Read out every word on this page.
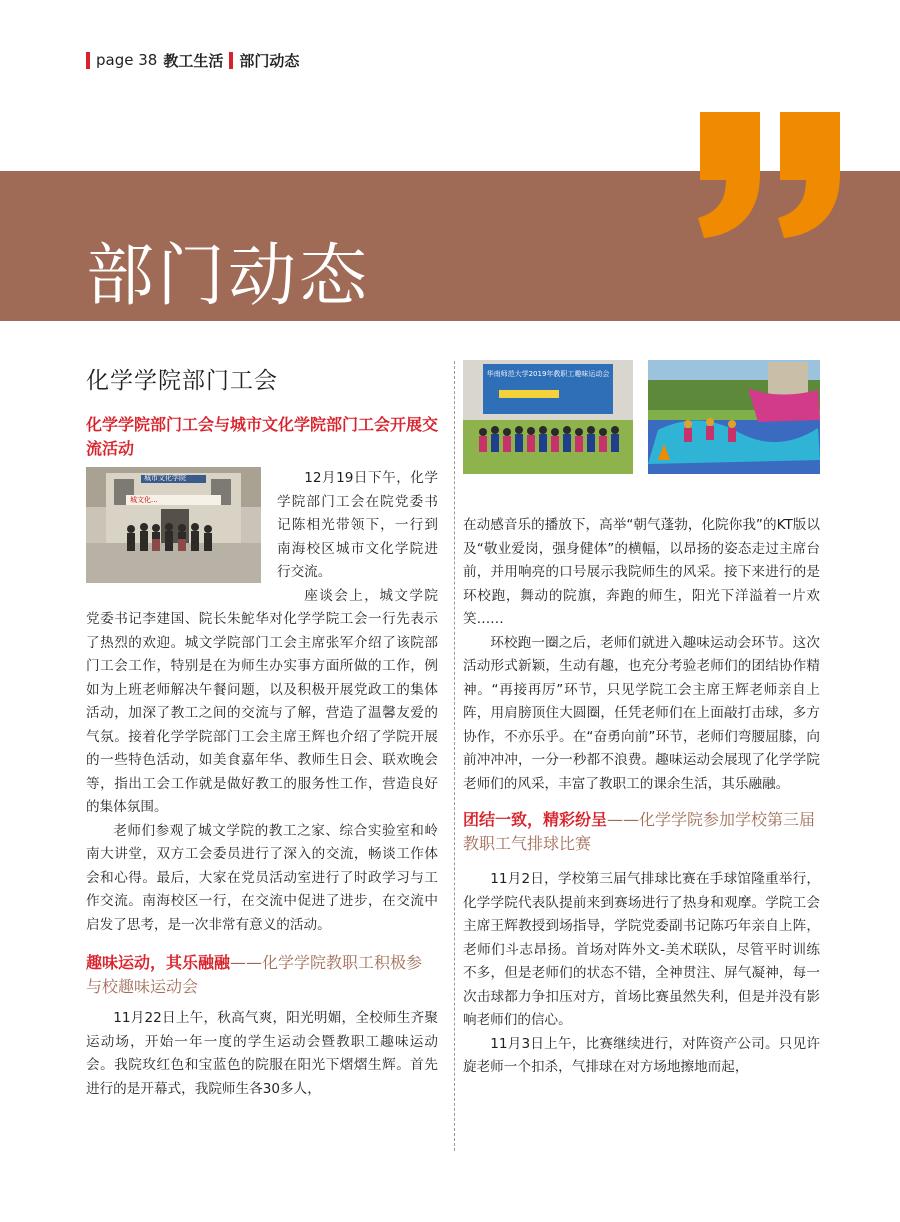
page 38 教工生活 部门动态
部门动态
化学学院部门工会
化学学院部门工会与城市文化学院部门工会开展交流活动
城市文化学院
城文化...

12月19日下午，化学学院部门工会在院党委书记陈相光带领下，一行到南海校区城市文化学院进行交流。

座谈会上，城文学院党委书记李建国、院长朱鮀华对化学学院工会一行先表示了热烈的欢迎。城文学院部门工会主席张军介绍了该院部门工会工作，特别是在为师生办实事方面所做的工作，例如为上班老师解决午餐问题，以及积极开展党政工的集体活动，加深了教工之间的交流与了解，营造了温馨友爱的气氛。接着化学学院部门工会主席王辉也介绍了学院开展的一些特色活动，如美食嘉年华、教师生日会、联欢晚会等，指出工会工作就是做好教工的服务性工作，营造良好的集体氛围。

老师们参观了城文学院的教工之家、综合实验室和岭南大讲堂，双方工会委员进行了深入的交流，畅谈工作体会和心得。最后，大家在党员活动室进行了时政学习与工作交流。南海校区一行，在交流中促进了进步，在交流中启发了思考，是一次非常有意义的活动。

趣味运动，其乐融融——化学学院教职工积极参与校趣味运动会

11月22日上午，秋高气爽，阳光明媚，全校师生齐聚运动场，开始一年一度的学生运动会暨教职工趣味运动会。我院玫红色和宝蓝色的院服在阳光下熠熠生辉。首先进行的是开幕式，我院师生各30多人，

华南师范大学2019年教职工趣味运动会

在动感音乐的播放下，高举“朝气蓬勃，化院你我”的KT版以及“敬业爱岗，强身健体”的横幅，以昂扬的姿态走过主席台前，并用响亮的口号展示我院师生的风采。接下来进行的是环校跑，舞动的院旗，奔跑的师生，阳光下洋溢着一片欢笑……

环校跑一圈之后，老师们就进入趣味运动会环节。这次活动形式新颖，生动有趣，也充分考验老师们的团结协作精神。“再接再厉”环节，只见学院工会主席王辉老师亲自上阵，用肩膀顶住大圆圈，任凭老师们在上面敲打击球，多方协作，不亦乐乎。在“奋勇向前”环节，老师们弯腰屈膝，向前冲冲冲，一分一秒都不浪费。趣味运动会展现了化学学院老师们的风采，丰富了教职工的课余生活，其乐融融。

团结一致，精彩纷呈——化学学院参加学校第三届教职工气排球比赛

11月2日，学校第三届气排球比赛在手球馆隆重举行，化学学院代表队提前来到赛场进行了热身和观摩。学院工会主席王辉教授到场指导，学院党委副书记陈巧年亲自上阵，老师们斗志昂扬。首场对阵外文-美术联队，尽管平时训练不多，但是老师们的状态不错，全神贯注、屏气凝神，每一次击球都力争扣压对方，首场比赛虽然失利，但是并没有影响老师们的信心。

11月3日上午，比赛继续进行，对阵资产公司。只见许旋老师一个扣杀，气排球在对方场地擦地而起，
